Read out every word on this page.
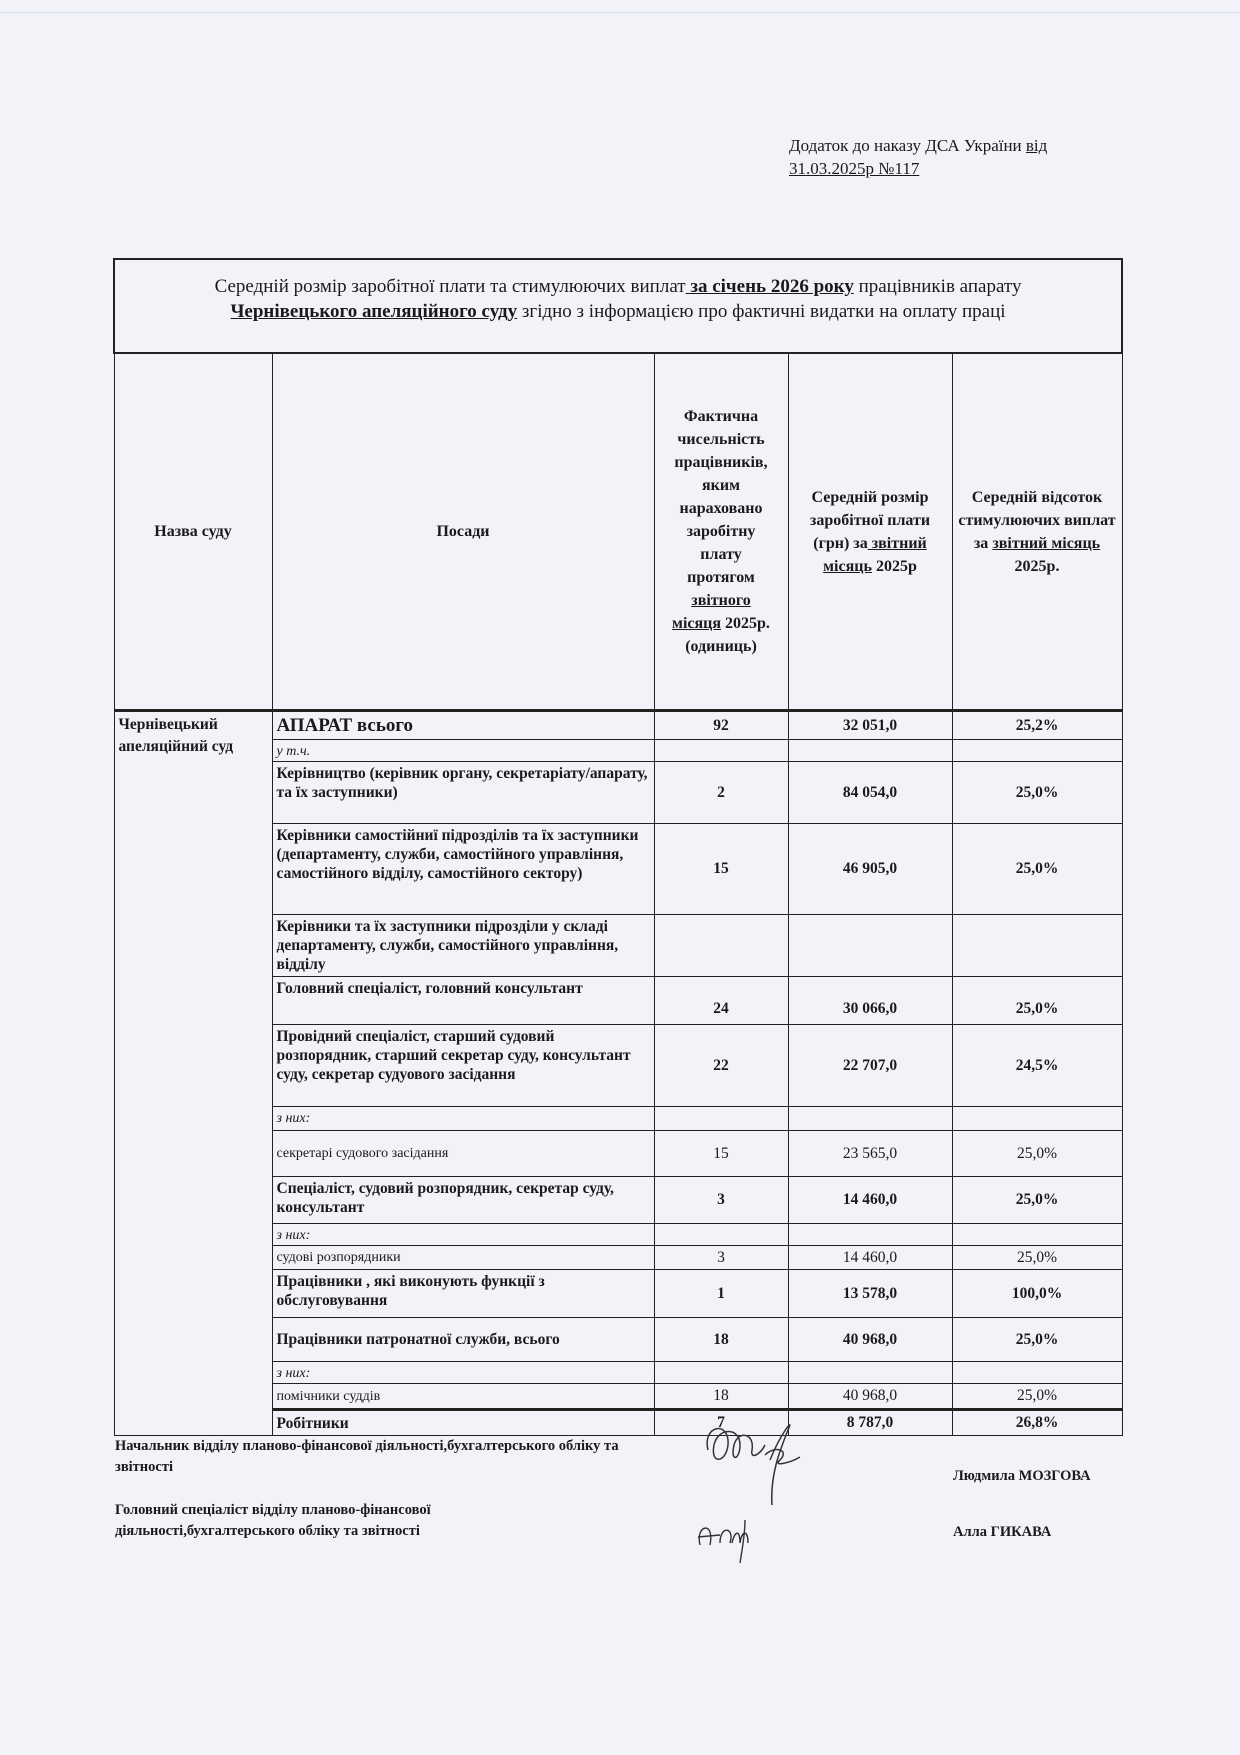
Додаток до наказу ДСА України від
31.03.2025р №117
Середній розмір заробітної плати та стимулюючих виплат за січень 2026 року працівників апарату
Чернівецького апеляційного суду згідно з інформацією про фактичні видатки на оплату праці				
Назва суду	Посади	Фактична чисельність працівників, яким нараховано заробітну плату протягом звітного місяця 2025р. (одиниць)	Середній розмір заробітної плати (грн) за звітний місяць 2025р	Середній відсоток стимулюючих виплат за звітний місяць 2025р.
Чернівецький апеляційний суд	АПАРАТ всього	92	32 051,0	25,2%
	у т.ч.			
	Керівництво (керівник органу, секретаріату/апарату, та їх заступники)	2	84 054,0	25,0%
	Керівники самостійниї підрозділів та їх заступники (департаменту, служби, самостійного управління, самостійного відділу, самостійного сектору)	15	46 905,0	25,0%
	Керівники та їх заступники підрозділи у складі департаменту, служби, самостійного управління, відділу			
	Головний спеціаліст, головний консультант	24	30 066,0	25,0%
	Провідний спеціаліст, старший судовий розпорядник, старший секретар суду, консультант суду, секретар судуового засідання	22	22 707,0	24,5%
	з них:			
	секретарі судового засідання	15	23 565,0	25,0%
	Спеціаліст, судовий розпорядник, секретар суду, консультант	3	14 460,0	25,0%
	з них:			
	судові розпорядники	3	14 460,0	25,0%
	Працівники , які виконують функції з обслуговування	1	13 578,0	100,0%
	Працівники патронатної служби, всього	18	40 968,0	25,0%
	з них:			
	помічники суддів	18	40 968,0	25,0%
	Робітники	7	8 787,0	26,8%
Начальник відділу планово-фінансової діяльності,бухгалтерського обліку та звітності
Людмила МОЗГОВА
Головний спеціаліст відділу планово-фінансової діяльності,бухгалтерського обліку та звітності	Алла ГИКАВА
